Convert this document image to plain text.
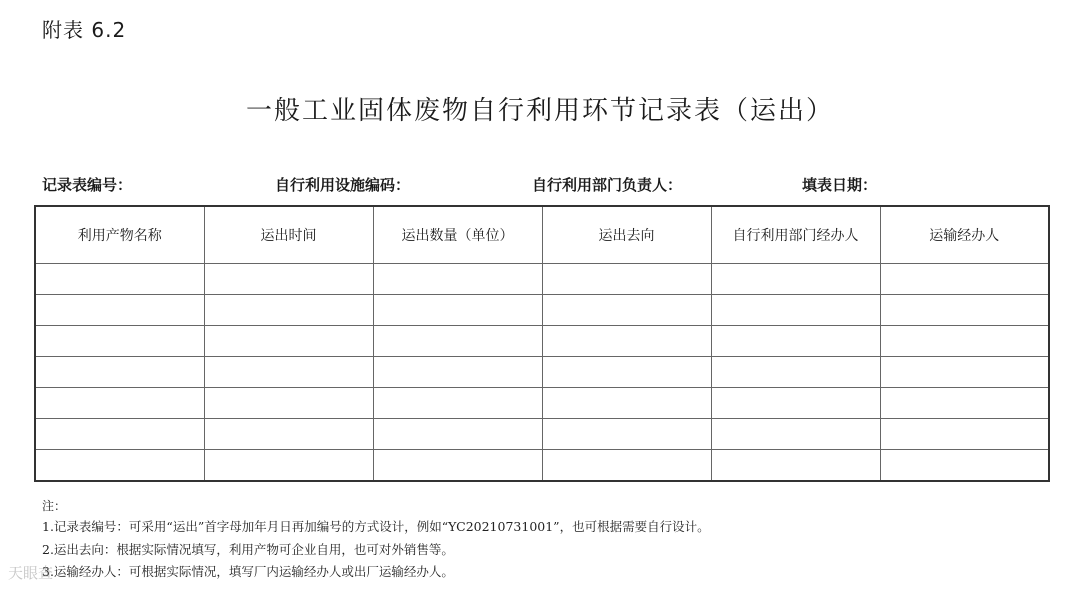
附表 6.2
一般工业固体废物自行利用环节记录表（运出）
记录表编号：	自行利用设施编码：	自行利用部门负责人：	填表日期：
利用产物名称	运出时间	运出数量（单位）	运出去向	自行利用部门经办人	运输经办人

注：
1.记录表编号：可采用“运出”首字母加年月日再加编号的方式设计，例如“YC20210731001”，也可根据需要自行设计。
2.运出去向：根据实际情况填写，利用产物可企业自用，也可对外销售等。
3.运输经办人：可根据实际情况，填写厂内运输经办人或出厂运输经办人。
天眼查
